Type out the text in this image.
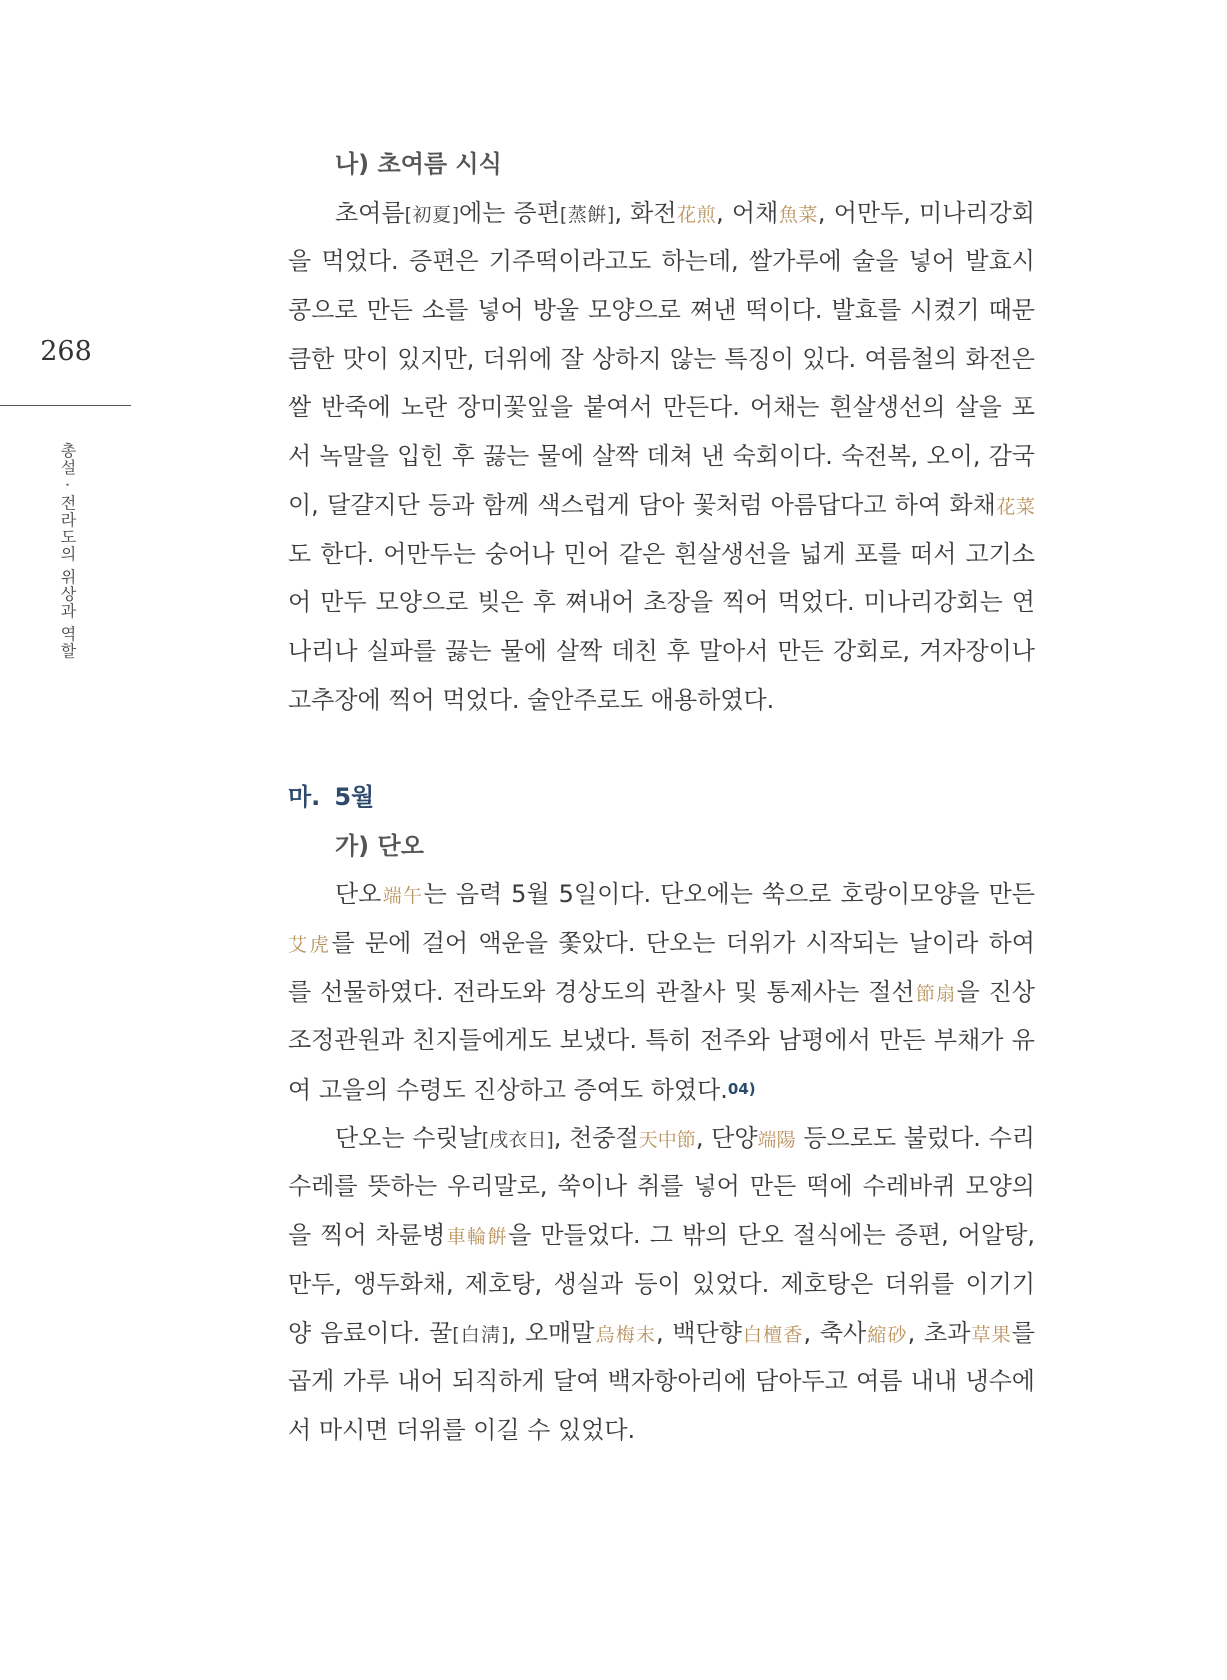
268
총설 · 전라도의 위상과 역할
나) 초여름 시식
초여름[初夏]에는 증편[蒸餠], 화전花煎, 어채魚菜, 어만두, 미나리강회
을 먹었다. 증편은 기주떡이라고도 하는데, 쌀가루에 술을 넣어 발효시
콩으로 만든 소를 넣어 방울 모양으로 쪄낸 떡이다. 발효를 시켰기 때문
큼한 맛이 있지만, 더위에 잘 상하지 않는 특징이 있다. 여름철의 화전은
쌀 반죽에 노란 장미꽃잎을 붙여서 만든다. 어채는 흰살생선의 살을 포
서 녹말을 입힌 후 끓는 물에 살짝 데쳐 낸 숙회이다. 숙전복, 오이, 감국
이, 달걀지단 등과 함께 색스럽게 담아 꽃처럼 아름답다고 하여 화채花菜
도 한다. 어만두는 숭어나 민어 같은 흰살생선을 넓게 포를 떠서 고기소
어 만두 모양으로 빚은 후 쪄내어 초장을 찍어 먹었다. 미나리강회는 연
나리나 실파를 끓는 물에 살짝 데친 후 말아서 만든 강회로, 겨자장이나
고추장에 찍어 먹었다. 술안주로도 애용하였다.
마. 5월
가) 단오
단오端午는 음력 5월 5일이다. 단오에는 쑥으로 호랑이모양을 만든
艾虎를 문에 걸어 액운을 쫓았다. 단오는 더위가 시작되는 날이라 하여
를 선물하였다. 전라도와 경상도의 관찰사 및 통제사는 절선節扇을 진상
조정관원과 친지들에게도 보냈다. 특히 전주와 남평에서 만든 부채가 유
여 고을의 수령도 진상하고 증여도 하였다.$^{04)}$
단오는 수릿날[戌衣日], 천중절天中節, 단양端陽 등으로도 불렀다. 수리
수레를 뜻하는 우리말로, 쑥이나 취를 넣어 만든 떡에 수레바퀴 모양의
을 찍어 차륜병車輪餠을 만들었다. 그 밖의 단오 절식에는 증편, 어알탕,
만두, 앵두화채, 제호탕, 생실과 등이 있었다. 제호탕은 더위를 이기기
양 음료이다. 꿀[白淸], 오매말烏梅末, 백단향白檀香, 축사縮砂, 초과草果를
곱게 가루 내어 되직하게 달여 백자항아리에 담아두고 여름 내내 냉수에
서 마시면 더위를 이길 수 있었다.
